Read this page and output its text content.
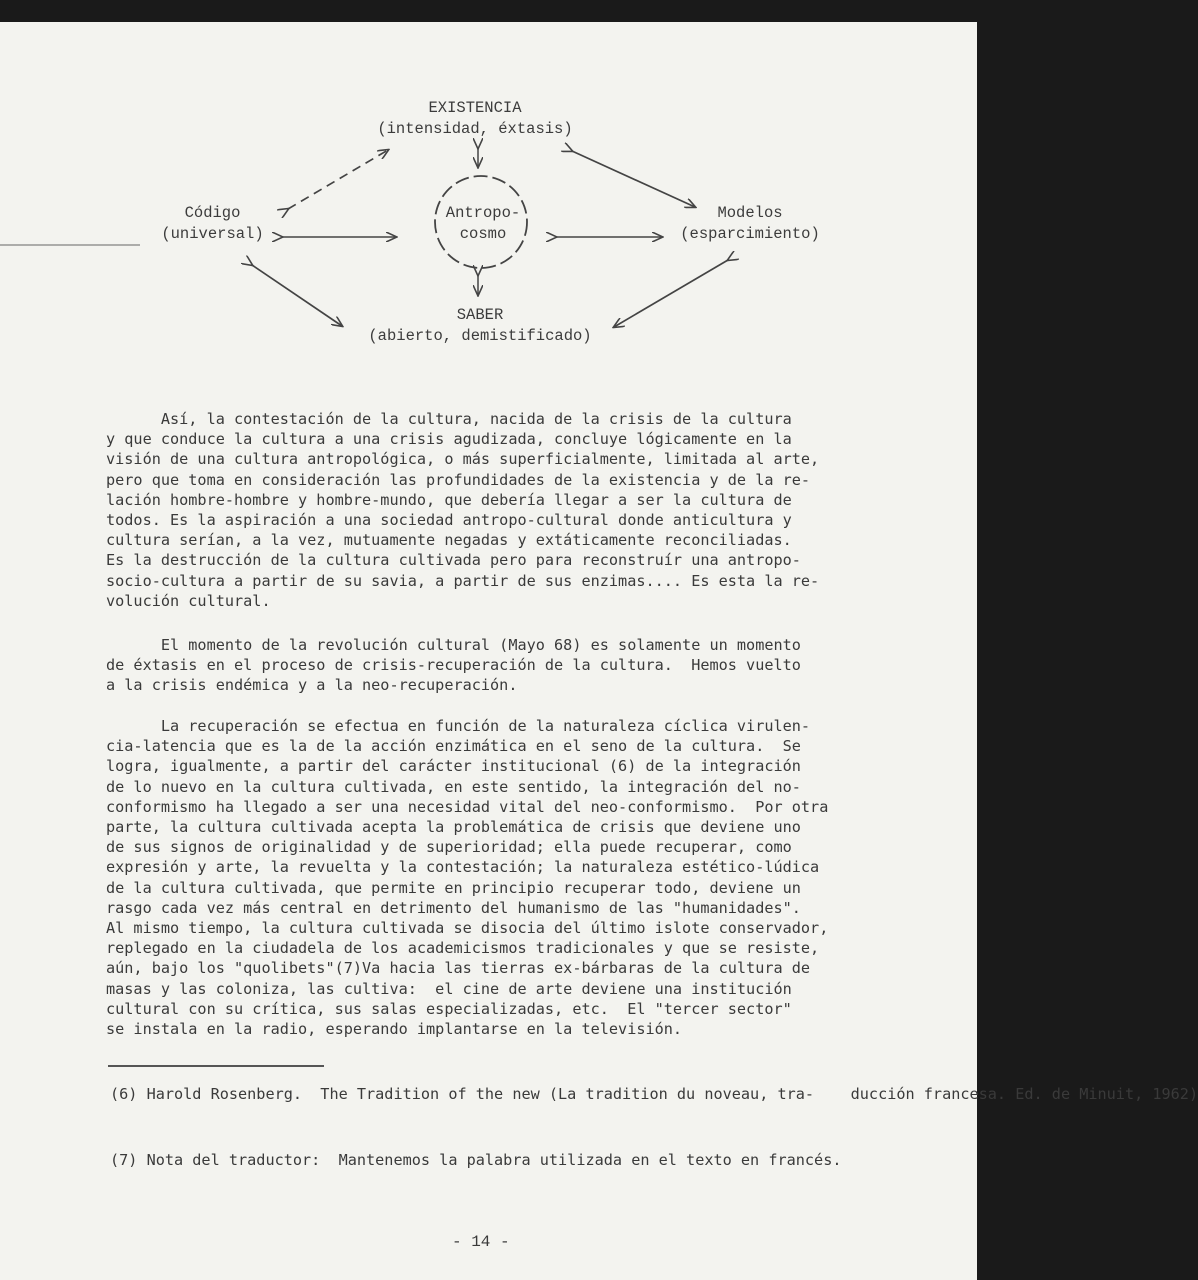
EXISTENCIA
(intensidad, éxtasis)
Código
(universal)
Antropo-
cosmo
Modelos
(esparcimiento)
SABER
(abierto, demistificado)
Así, la contestación de la cultura, nacida de la crisis de la cultura
y que conduce la cultura a una crisis agudizada, concluye lógicamente en la
visión de una cultura antropológica, o más superficialmente, limitada al arte,
pero que toma en consideración las profundidades de la existencia y de la re-
lación hombre-hombre y hombre-mundo, que debería llegar a ser la cultura de
todos. Es la aspiración a una sociedad antropo-cultural donde anticultura y
cultura serían, a la vez, mutuamente negadas y extáticamente reconciliadas.
Es la destrucción de la cultura cultivada pero para reconstruír una antropo-
socio-cultura a partir de su savia, a partir de sus enzimas.... Es esta la re-
volución cultural.
El momento de la revolución cultural (Mayo 68) es solamente un momento
de éxtasis en el proceso de crisis-recuperación de la cultura.  Hemos vuelto
a la crisis endémica y a la neo-recuperación.
La recuperación se efectua en función de la naturaleza cíclica virulen-
cia-latencia que es la de la acción enzimática en el seno de la cultura.  Se
logra, igualmente, a partir del carácter institucional (6) de la integración
de lo nuevo en la cultura cultivada, en este sentido, la integración del no-
conformismo ha llegado a ser una necesidad vital del neo-conformismo.  Por otra
parte, la cultura cultivada acepta la problemática de crisis que deviene uno
de sus signos de originalidad y de superioridad; ella puede recuperar, como
expresión y arte, la revuelta y la contestación; la naturaleza estético-lúdica
de la cultura cultivada, que permite en principio recuperar todo, deviene un
rasgo cada vez más central en detrimento del humanismo de las "humanidades".
Al mismo tiempo, la cultura cultivada se disocia del último islote conservador,
replegado en la ciudadela de los academicismos tradicionales y que se resiste,
aún, bajo los "quolibets"(7)Va hacia las tierras ex-bárbaras de la cultura de
masas y las coloniza, las cultiva:  el cine de arte deviene una institución
cultural con su crítica, sus salas especializadas, etc.  El "tercer sector"
se instala en la radio, esperando implantarse en la televisión.
(6) Harold Rosenberg.  The Tradition of the new (La tradition du noveau, tra-    ducción francesa. Ed. de Minuit, 1962)
(7) Nota del traductor:  Mantenemos la palabra utilizada en el texto en francés.
- 14 -
